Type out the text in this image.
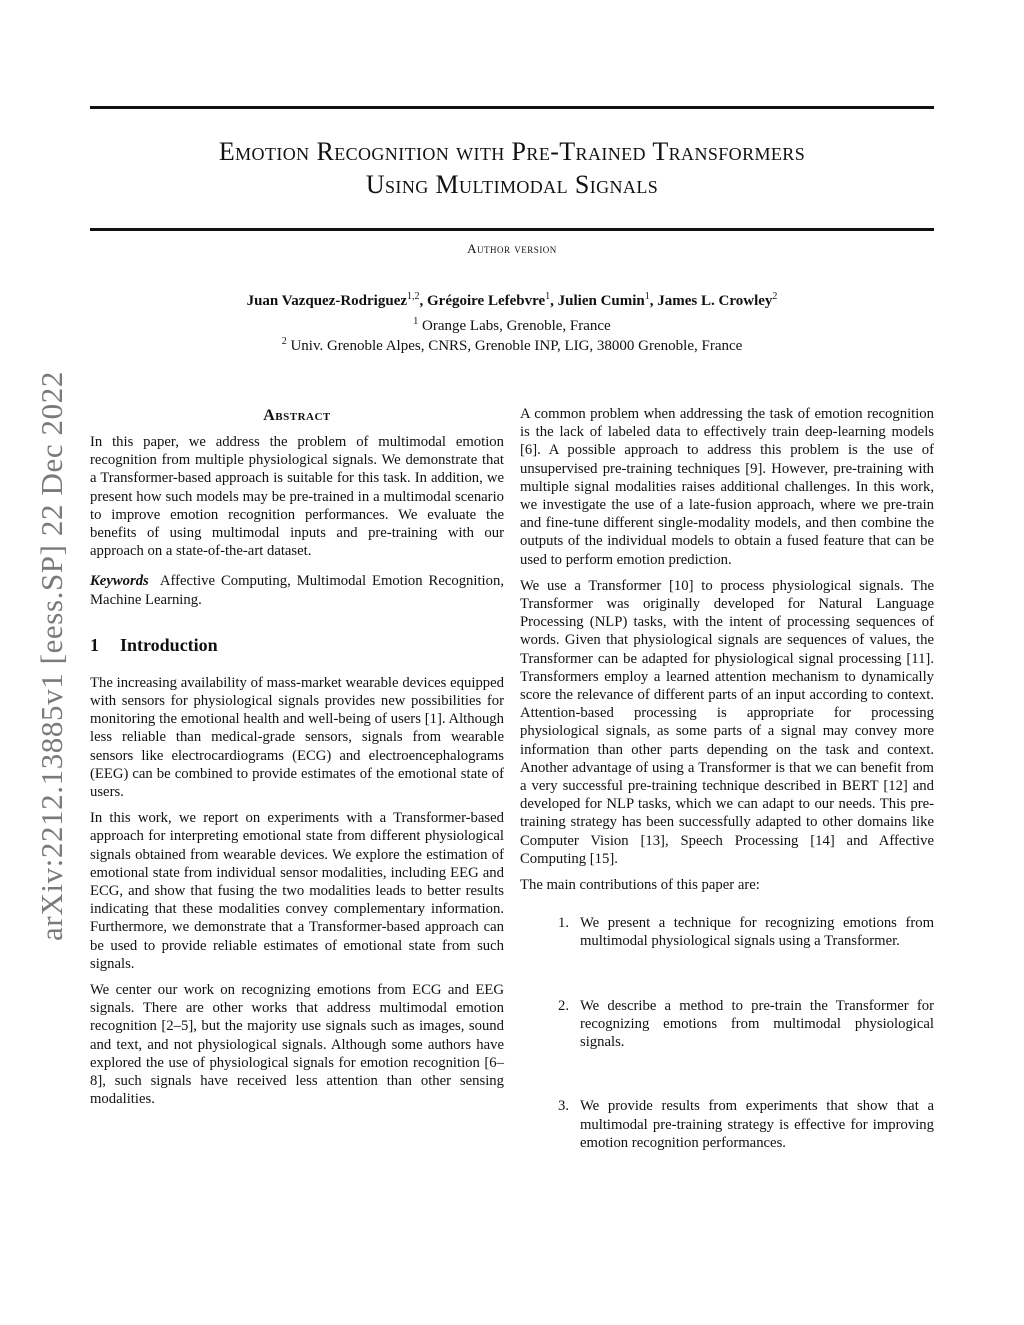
Emotion Recognition with Pre-Trained Transformers
Using Multimodal Signals
Author version
Juan Vazquez-Rodriguez$^{1,2}$, Grégoire Lefebvre$^1$, Julien Cumin$^1$, James L. Crowley$^2$
$^1$ Orange Labs, Grenoble, France
$^2$ Univ. Grenoble Alpes, CNRS, Grenoble INP, LIG, 38000 Grenoble, France
arXiv:2212.13885v1 [eess.SP] 22 Dec 2022	Abstract

In this paper, we address the problem of multimodal emotion recognition from multiple physiological signals. We demonstrate that a Transformer-based approach is suitable for this task. In addition, we present how such models may be pre-trained in a multimodal scenario to improve emotion recognition performances. We evaluate the benefits of using multimodal inputs and pre-training with our approach on a state-of-the-art dataset.

Keywords Affective Computing, Multimodal Emotion Recognition, Machine Learning.

1 Introduction

The increasing availability of mass-market wearable devices equipped with sensors for physiological signals provides new possibilities for monitoring the emotional health and well-being of users [1]. Although less reliable than medical-grade sensors, signals from wearable sensors like electrocardiograms (ECG) and electroencephalograms (EEG) can be combined to provide estimates of the emotional state of users.

In this work, we report on experiments with a Transformer-based approach for interpreting emotional state from different physiological signals obtained from wearable devices. We explore the estimation of emotional state from individual sensor modalities, including EEG and ECG, and show that fusing the two modalities leads to better results indicating that these modalities convey complementary information. Furthermore, we demonstrate that a Transformer-based approach can be used to provide reliable estimates of emotional state from such signals.

We center our work on recognizing emotions from ECG and EEG signals. There are other works that address multimodal emotion recognition [2–5], but the majority use signals such as images, sound and text, and not physiological signals. Although some authors have explored the use of physiological signals for emotion recognition [6–8], such signals have received less attention than other sensing modalities.

A common problem when addressing the task of emotion recognition is the lack of labeled data to effectively train deep-learning models [6]. A possible approach to address this problem is the use of unsupervised pre-training techniques [9]. However, pre-training with multiple signal modalities raises additional challenges. In this work, we investigate the use of a late-fusion approach, where we pre-train and fine-tune different single-modality models, and then combine the outputs of the individual models to obtain a fused feature that can be used to perform emotion prediction.

We use a Transformer [10] to process physiological signals. The Transformer was originally developed for Natural Language Processing (NLP) tasks, with the intent of processing sequences of words. Given that physiological signals are sequences of values, the Transformer can be adapted for physiological signal processing [11]. Transformers employ a learned attention mechanism to dynamically score the relevance of different parts of an input according to context. Attention-based processing is appropriate for processing physiological signals, as some parts of a signal may convey more information than other parts depending on the task and context. Another advantage of using a Transformer is that we can benefit from a very successful pre-training technique described in BERT [12] and developed for NLP tasks, which we can adapt to our needs. This pre-training strategy has been successfully adapted to other domains like Computer Vision [13], Speech Processing [14] and Affective Computing [15].

The main contributions of this paper are:

1. We present a technique for recognizing emotions from multimodal physiological signals using a Transformer.

2. We describe a method to pre-train the Transformer for recognizing emotions from multimodal physiological signals.

3. We provide results from experiments that show that a multimodal pre-training strategy is effective for improving emotion recognition performances.
